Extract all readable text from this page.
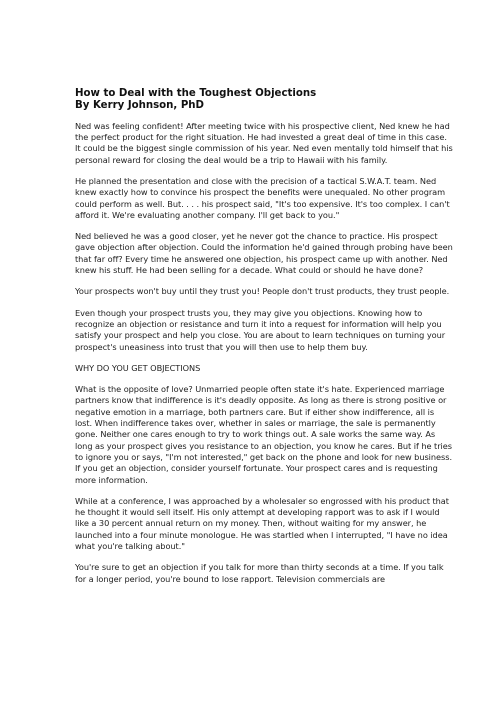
How to Deal with the Toughest Objections
By Kerry Johnson, PhD

Ned was feeling confident! After meeting twice with his prospective client, Ned knew he had the perfect product for the right situation. He had invested a great deal of time in this case. It could be the biggest single commission of his year. Ned even mentally told himself that his personal reward for closing the deal would be a trip to Hawaii with his family.

He planned the presentation and close with the precision of a tactical S.W.A.T. team. Ned knew exactly how to convince his prospect the benefits were unequaled. No other program could perform as well. But. . . . his prospect said, "It's too expensive. It's too complex. I can't afford it. We're evaluating another company. I'll get back to you."

Ned believed he was a good closer, yet he never got the chance to practice. His prospect gave objection after objection. Could the information he'd gained through probing have been that far off? Every time he answered one objection, his prospect came up with another. Ned knew his stuff. He had been selling for a decade. What could or should he have done?

Your prospects won't buy until they trust you! People don't trust products, they trust people.

Even though your prospect trusts you, they may give you objections. Knowing how to recognize an objection or resistance and turn it into a request for information will help you satisfy your prospect and help you close. You are about to learn techniques on turning your prospect's uneasiness into trust that you will then use to help them buy.

WHY DO YOU GET OBJECTIONS

What is the opposite of love? Unmarried people often state it's hate. Experienced marriage partners know that indifference is it's deadly opposite. As long as there is strong positive or negative emotion in a marriage, both partners care. But if either show indifference, all is lost. When indifference takes over, whether in sales or marriage, the sale is permanently gone. Neither one cares enough to try to work things out. A sale works the same way. As long as your prospect gives you resistance to an objection, you know he cares. But if he tries to ignore you or says, "I'm not interested," get back on the phone and look for new business. If you get an objection, consider yourself fortunate. Your prospect cares and is requesting more information.

While at a conference, I was approached by a wholesaler so engrossed with his product that he thought it would sell itself. His only attempt at developing rapport was to ask if I would like a 30 percent annual return on my money. Then, without waiting for my answer, he launched into a four minute monologue. He was startled when I interrupted, "I have no idea what you're talking about."

You're sure to get an objection if you talk for more than thirty seconds at a time. If you talk for a longer period, you're bound to lose rapport. Television commercials are
